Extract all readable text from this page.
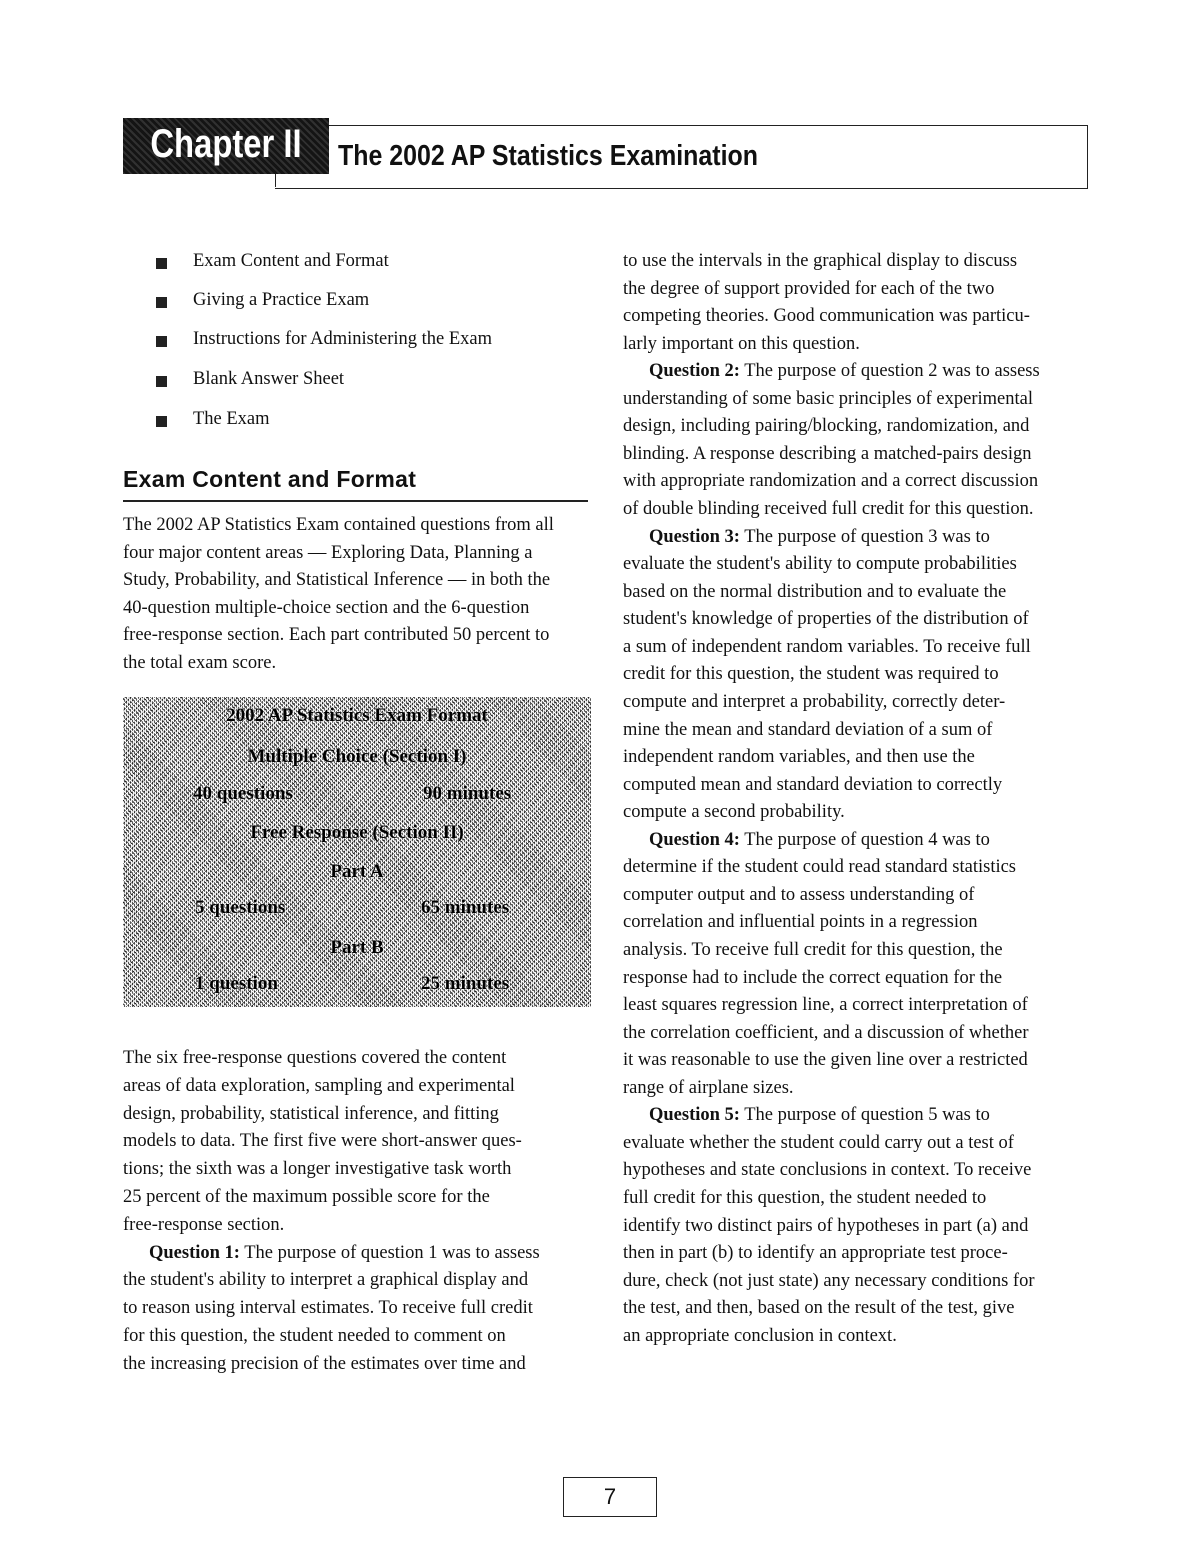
Chapter II	The 2002 AP Statistics Examination
Exam Content and Format
Giving a Practice Exam
Instructions for Administering the Exam
Blank Answer Sheet
The Exam
Exam Content and Format
The 2002 AP Statistics Exam contained questions from all
four major content areas — Exploring Data, Planning a
Study, Probability, and Statistical Inference — in both the
40-question multiple-choice section and the 6-question
free-response section. Each part contributed 50 percent to
the total exam score.
2002 AP Statistics Exam Format
Multiple Choice (Section I)
40 questions	90 minutes
Free Response (Section II)
Part A
5 questions	65 minutes
Part B
1 question	25 minutes
The six free-response questions covered the content
areas of data exploration, sampling and experimental
design, probability, statistical inference, and fitting
models to data. The first five were short-answer ques-
tions; the sixth was a longer investigative task worth
25 percent of the maximum possible score for the
free-response section.
Question 1: The purpose of question 1 was to assess
the student's ability to interpret a graphical display and
to reason using interval estimates. To receive full credit
for this question, the student needed to comment on
the increasing precision of the estimates over time and
to use the intervals in the graphical display to discuss
the degree of support provided for each of the two
competing theories. Good communication was particu-
larly important on this question.
Question 2: The purpose of question 2 was to assess
understanding of some basic principles of experimental
design, including pairing/blocking, randomization, and
blinding. A response describing a matched-pairs design
with appropriate randomization and a correct discussion
of double blinding received full credit for this question.
Question 3: The purpose of question 3 was to
evaluate the student's ability to compute probabilities
based on the normal distribution and to evaluate the
student's knowledge of properties of the distribution of
a sum of independent random variables. To receive full
credit for this question, the student was required to
compute and interpret a probability, correctly deter-
mine the mean and standard deviation of a sum of
independent random variables, and then use the
computed mean and standard deviation to correctly
compute a second probability.
Question 4: The purpose of question 4 was to
determine if the student could read standard statistics
computer output and to assess understanding of
correlation and influential points in a regression
analysis. To receive full credit for this question, the
response had to include the correct equation for the
least squares regression line, a correct interpretation of
the correlation coefficient, and a discussion of whether
it was reasonable to use the given line over a restricted
range of airplane sizes.
Question 5: The purpose of question 5 was to
evaluate whether the student could carry out a test of
hypotheses and state conclusions in context. To receive
full credit for this question, the student needed to
identify two distinct pairs of hypotheses in part (a) and
then in part (b) to identify an appropriate test proce-
dure, check (not just state) any necessary conditions for
the test, and then, based on the result of the test, give
an appropriate conclusion in context.
7
